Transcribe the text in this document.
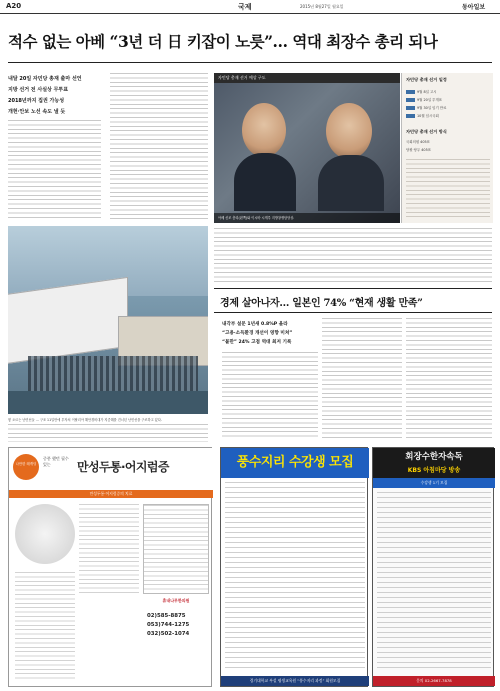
A20	국제	2015년 8월27일 월요일	동아일보
적수 없는 아베 “3년 더 日 키잡이 노릇”… 역대 최장수 총리 되나
내달 20일 자민당 총재 출마 선언
지방 선거 전 사실상 무투표
2018년까지 집권 가능성
개헌·안보 노선 속도 낼 듯
자민당 총재 선거 예상 구도
아베 신조 총리(왼쪽)와 이시바 시게루 지방창생담당상.
자민당 총재 선거 일정
9월 8일 고시
9월 20일 투개표
9월 30일 임기 만료
10월 임시국회
자민당 총재 선거 방식
국회의원 405표
당원·당우 405표
쌓 오르는 난민선들 … 구조 11일만에 투자처 이탈리아 해안경비대가 지중해를 건너던 난민선을 구조하고 있다.
경제 살아나자… 일본인 74% “현재 생활 만족”
내각부 설문 1년새 0.8%P 올라
“고용·소득환경 개선이 영향 미쳐”
“불만” 24% 고점 역대 최저 기록
나만한 레캐딩
중풍 했던 필수 있는	만성두통·어지럼증
만성두통·어지럼증의 치료
휴내나무한의원
02)585-8875
053)744-1275
032)502-1074
풍수지리 수강생 모집
경기대학교 부설 평생교육원 “풍수지리 과정” 회원모집
회장수한자속독
KBS 아침마당 방송
수강생 1기 모집
문의 02-2667-7878
